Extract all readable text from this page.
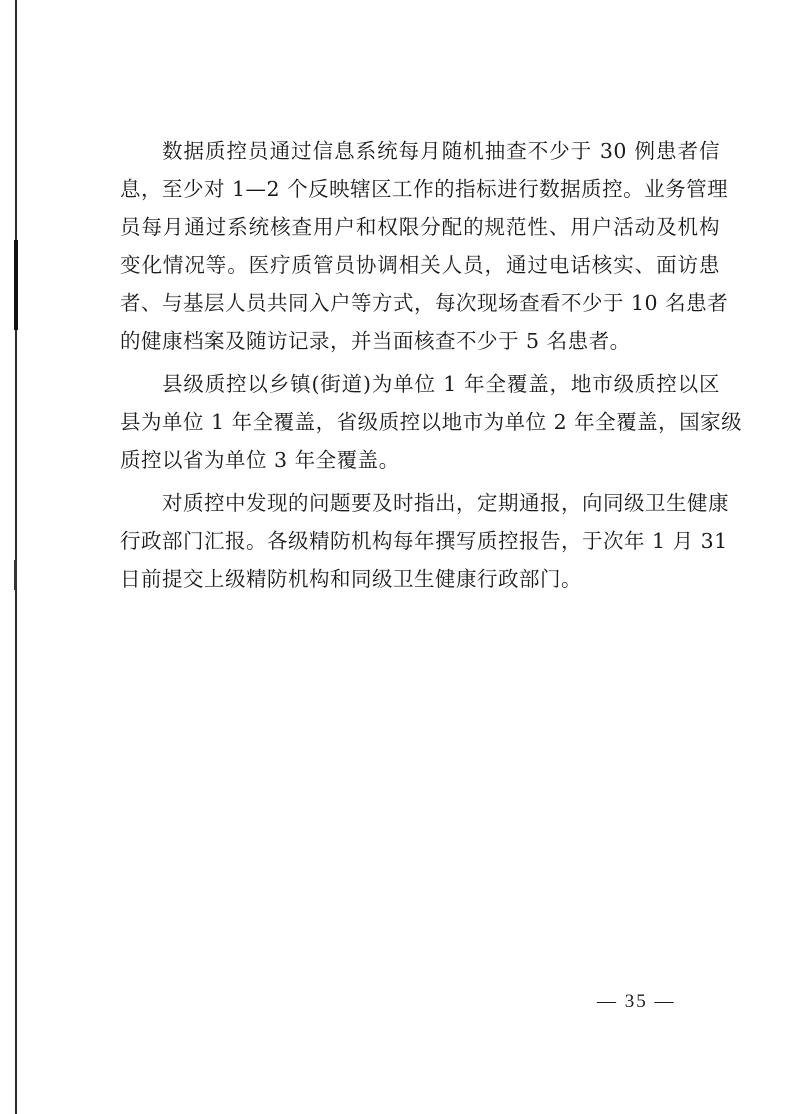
数据质控员通过信息系统每月随机抽查不少于 30 例患者信
息，至少对 1—2 个反映辖区工作的指标进行数据质控。业务管理
员每月通过系统核查用户和权限分配的规范性、用户活动及机构
变化情况等。医疗质管员协调相关人员，通过电话核实、面访患
者、与基层人员共同入户等方式，每次现场查看不少于 10 名患者
的健康档案及随访记录，并当面核查不少于 5 名患者。

县级质控以乡镇(街道)为单位 1 年全覆盖，地市级质控以区
县为单位 1 年全覆盖，省级质控以地市为单位 2 年全覆盖，国家级
质控以省为单位 3 年全覆盖。

对质控中发现的问题要及时指出，定期通报，向同级卫生健康
行政部门汇报。各级精防机构每年撰写质控报告，于次年 1 月 31
日前提交上级精防机构和同级卫生健康行政部门。

— 35 —
